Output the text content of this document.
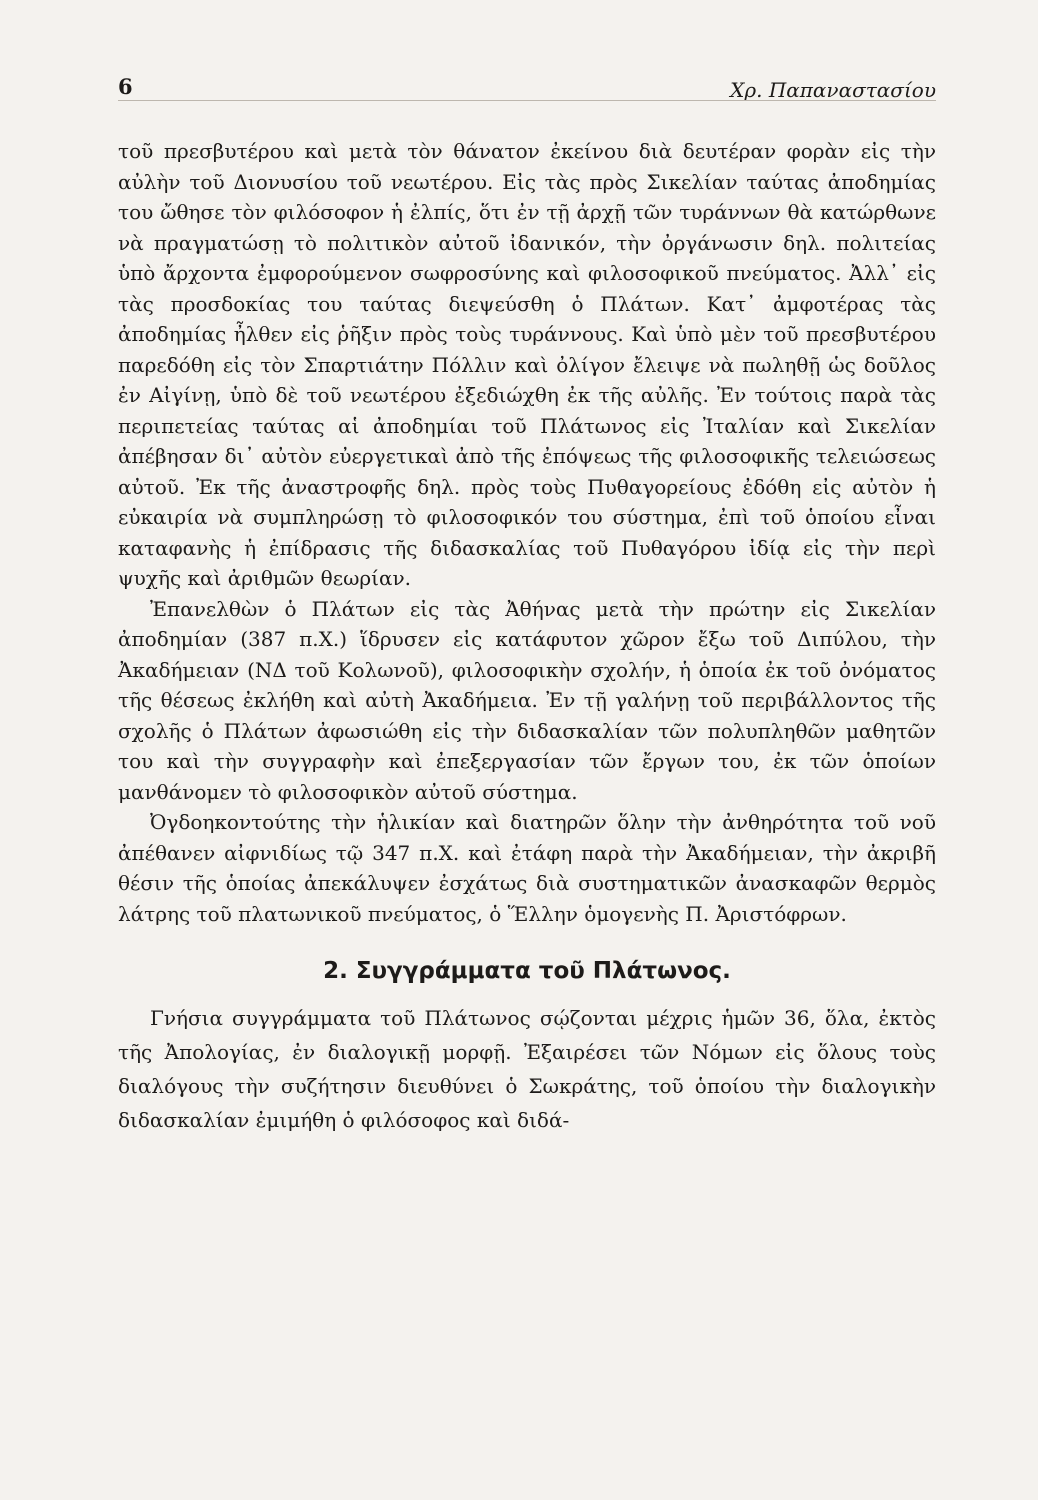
6	Χρ. Παπαναστασίου

τοῦ πρεσβυτέρου καὶ μετὰ τὸν θάνατον ἐκείνου διὰ δευτέραν φορὰν εἰς τὴν αὐλὴν τοῦ Διονυσίου τοῦ νεωτέρου. Εἰς τὰς πρὸς Σικελίαν ταύτας ἀποδημίας του ὤθησε τὸν φιλόσοφον ἡ ἐλπίς, ὅτι ἐν τῇ ἀρχῇ τῶν τυράννων θὰ κατώρθωνε νὰ πραγματώσῃ τὸ πολιτικὸν αὐτοῦ ἰδανικόν, τὴν ὀργάνωσιν δηλ. πολιτείας ὑπὸ ἄρχοντα ἐμφορούμενον σωφροσύνης καὶ φιλοσοφικοῦ πνεύματος. Ἀλλ᾽ εἰς τὰς προσδοκίας του ταύτας διεψεύσθη ὁ Πλάτων. Κατ᾽ ἀμφοτέρας τὰς ἀποδημίας ἦλθεν εἰς ῥῆξιν πρὸς τοὺς τυράννους. Καὶ ὑπὸ μὲν τοῦ πρεσβυτέρου παρεδόθη εἰς τὸν Σπαρτιάτην Πόλλιν καὶ ὀλίγον ἔλειψε νὰ πωληθῇ ὡς δοῦλος ἐν Αἰγίνῃ, ὑπὸ δὲ τοῦ νεωτέρου ἐξεδιώχθη ἐκ τῆς αὐλῆς. Ἐν τούτοις παρὰ τὰς περιπετείας ταύτας αἱ ἀποδημίαι τοῦ Πλάτωνος εἰς Ἰταλίαν καὶ Σικελίαν ἀπέβησαν δι᾽ αὐτὸν εὐεργετικαὶ ἀπὸ τῆς ἐπόψεως τῆς φιλοσοφικῆς τελειώσεως αὐτοῦ. Ἐκ τῆς ἀναστροφῆς δηλ. πρὸς τοὺς Πυθαγορείους ἐδόθη εἰς αὐτὸν ἡ εὐκαιρία νὰ συμπληρώσῃ τὸ φιλοσοφικόν του σύστημα, ἐπὶ τοῦ ὁποίου εἶναι καταφανὴς ἡ ἐπίδρασις τῆς διδασκαλίας τοῦ Πυθαγόρου ἰδίᾳ εἰς τὴν περὶ ψυχῆς καὶ ἀριθμῶν θεωρίαν.

Ἐπανελθὼν ὁ Πλάτων εἰς τὰς Ἀθήνας μετὰ τὴν πρώτην εἰς Σικελίαν ἀποδημίαν (387 π.Χ.) ἵδρυσεν εἰς κατάφυτον χῶρον ἔξω τοῦ Διπύλου, τὴν Ἀκαδήμειαν (ΝΔ τοῦ Κολωνοῦ), φιλοσοφικὴν σχολήν, ἡ ὁποία ἐκ τοῦ ὀνόματος τῆς θέσεως ἐκλήθη καὶ αὐτὴ Ἀκαδήμεια. Ἐν τῇ γαλήνῃ τοῦ περιβάλλοντος τῆς σχολῆς ὁ Πλάτων ἀφωσιώθη εἰς τὴν διδασκαλίαν τῶν πολυπληθῶν μαθητῶν του καὶ τὴν συγγραφὴν καὶ ἐπεξεργασίαν τῶν ἔργων του, ἐκ τῶν ὁποίων μανθάνομεν τὸ φιλοσοφικὸν αὐτοῦ σύστημα.

Ὀγδοηκοντούτης τὴν ἡλικίαν καὶ διατηρῶν ὅλην τὴν ἀνθηρότητα τοῦ νοῦ ἀπέθανεν αἰφνιδίως τῷ 347 π.Χ. καὶ ἐτάφη παρὰ τὴν Ἀκαδήμειαν, τὴν ἀκριβῆ θέσιν τῆς ὁποίας ἀπεκάλυψεν ἐσχάτως διὰ συστηματικῶν ἀνασκαφῶν θερμὸς λάτρης τοῦ πλατωνικοῦ πνεύματος, ὁ Ἕλλην ὁμογενὴς Π. Ἀριστόφρων.

2. Συγγράμματα τοῦ Πλάτωνος.

Γνήσια συγγράμματα τοῦ Πλάτωνος σῴζονται μέχρις ἡμῶν 36, ὅλα, ἐκτὸς τῆς Ἀπολογίας, ἐν διαλογικῇ μορφῇ. Ἐξαιρέσει τῶν Νόμων εἰς ὅλους τοὺς διαλόγους τὴν συζήτησιν διευθύνει ὁ Σωκράτης, τοῦ ὁποίου τὴν διαλογικὴν διδασκαλίαν ἐμιμήθη ὁ φιλόσοφος καὶ διδά-
